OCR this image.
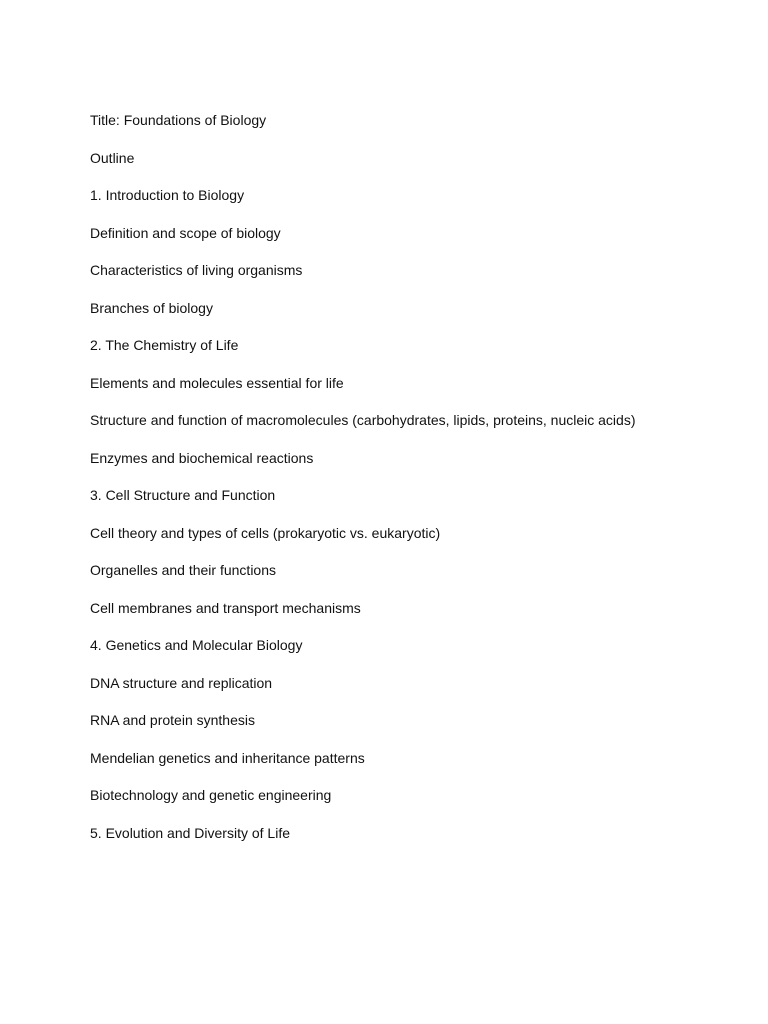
Title: Foundations of Biology
Outline
1. Introduction to Biology
Definition and scope of biology
Characteristics of living organisms
Branches of biology
2. The Chemistry of Life
Elements and molecules essential for life
Structure and function of macromolecules (carbohydrates, lipids, proteins, nucleic acids)
Enzymes and biochemical reactions
3. Cell Structure and Function
Cell theory and types of cells (prokaryotic vs. eukaryotic)
Organelles and their functions
Cell membranes and transport mechanisms
4. Genetics and Molecular Biology
DNA structure and replication
RNA and protein synthesis
Mendelian genetics and inheritance patterns
Biotechnology and genetic engineering
5. Evolution and Diversity of Life
